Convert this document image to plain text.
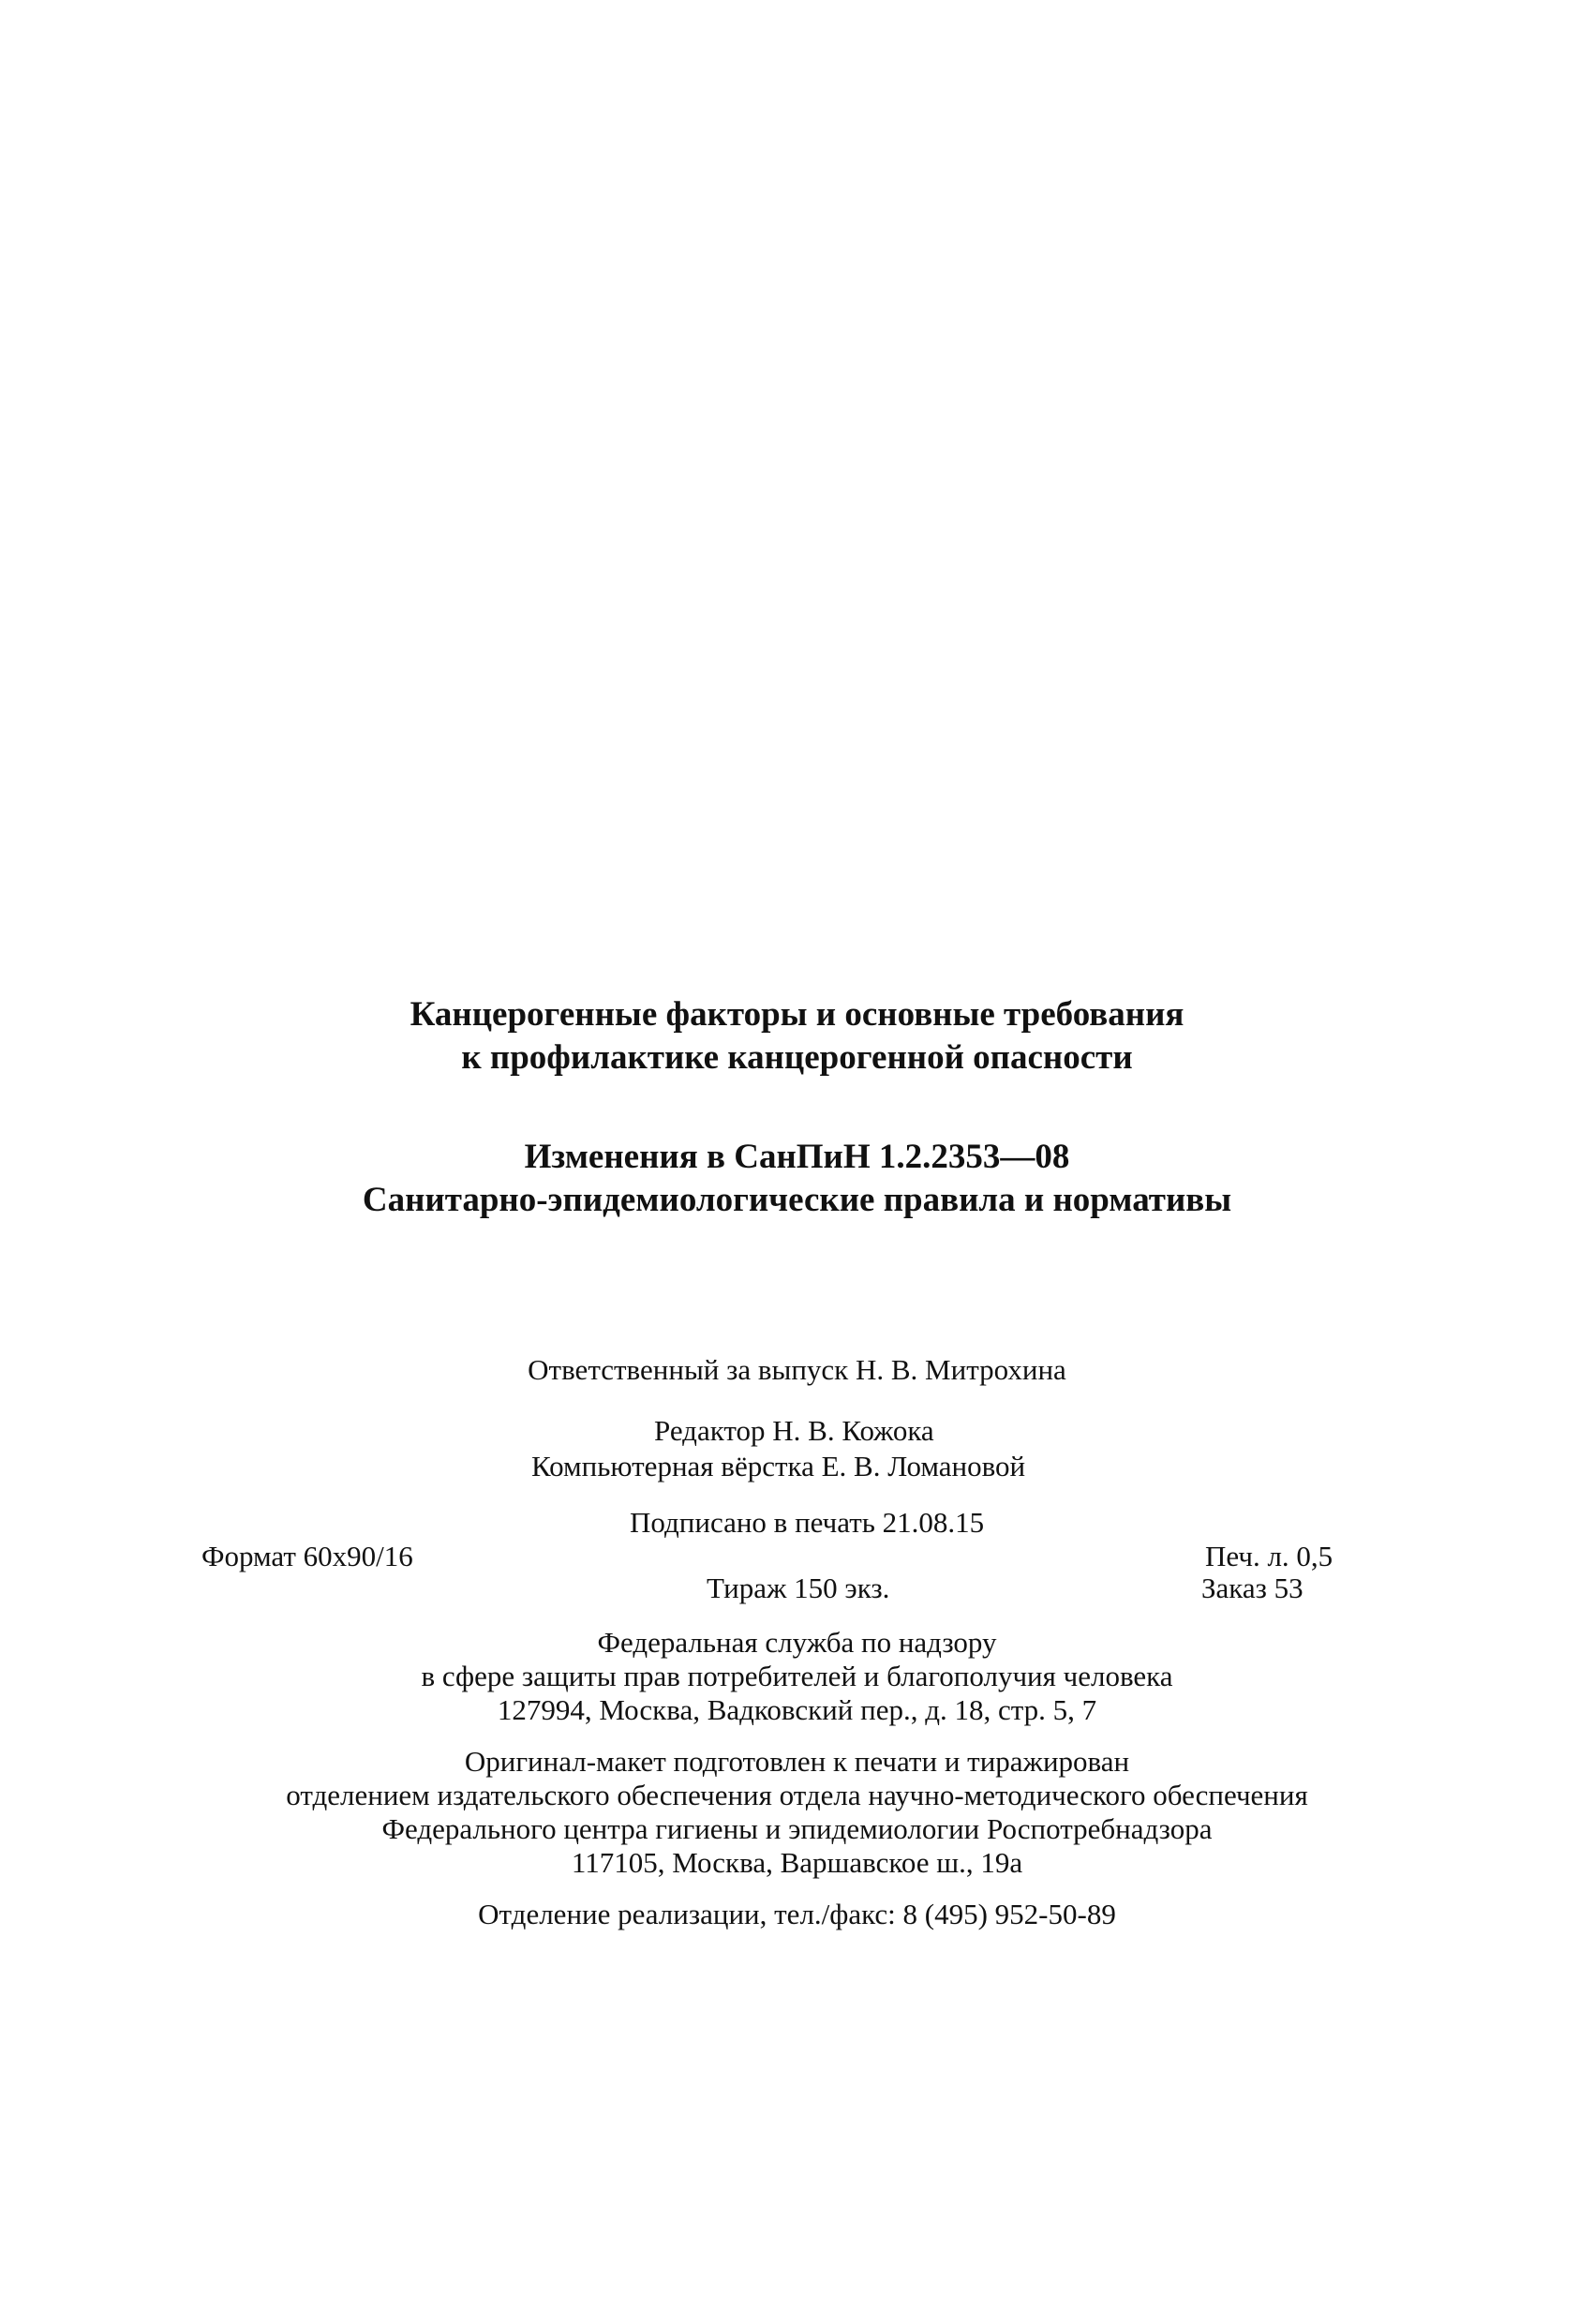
Канцерогенные факторы и основные требования
к профилактике канцерогенной опасности
Изменения в СанПиН 1.2.2353—08
Санитарно-эпидемиологические правила и нормативы
Ответственный за выпуск Н. В. Митрохина
Редактор Н. В. Кожока
Компьютерная вёрстка Е. В. Ломановой
Подписано в печать 21.08.15
Формат 60x90/16	Печ. л. 0,5
Тираж 150 экз.	Заказ 53
Федеральная служба по надзору
в сфере защиты прав потребителей и благополучия человека
127994, Москва, Вадковский пер., д. 18, стр. 5, 7
Оригинал-макет подготовлен к печати и тиражирован
отделением издательского обеспечения отдела научно-методического обеспечения
Федерального центра гигиены и эпидемиологии Роспотребнадзора
117105, Москва, Варшавское ш., 19а
Отделение реализации, тел./факс: 8 (495) 952-50-89
